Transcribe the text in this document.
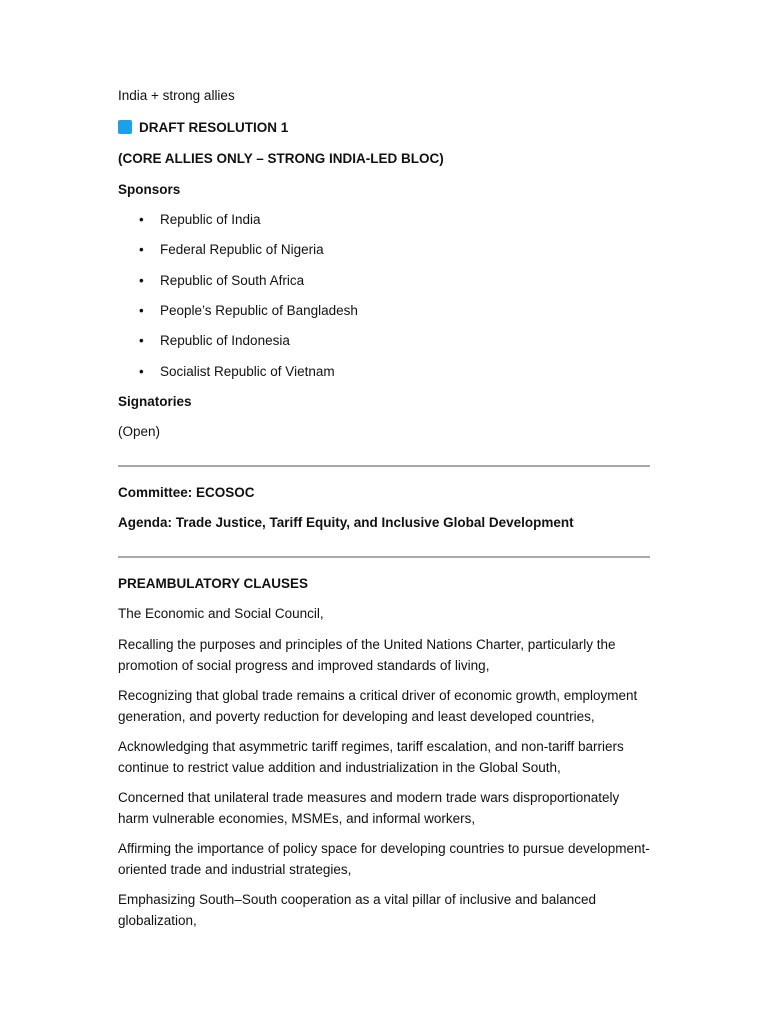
India + strong allies
DRAFT RESOLUTION 1
(CORE ALLIES ONLY – STRONG INDIA-LED BLOC)
Sponsors
• Republic of India
• Federal Republic of Nigeria
• Republic of South Africa
• People’s Republic of Bangladesh
• Republic of Indonesia
• Socialist Republic of Vietnam
Signatories
(Open)
Committee: ECOSOC
Agenda: Trade Justice, Tariff Equity, and Inclusive Global Development
PREAMBULATORY CLAUSES
The Economic and Social Council,
Recalling the purposes and principles of the United Nations Charter, particularly the promotion of social progress and improved standards of living,
Recognizing that global trade remains a critical driver of economic growth, employment generation, and poverty reduction for developing and least developed countries,
Acknowledging that asymmetric tariff regimes, tariff escalation, and non-tariff barriers continue to restrict value addition and industrialization in the Global South,
Concerned that unilateral trade measures and modern trade wars disproportionately harm vulnerable economies, MSMEs, and informal workers,
Affirming the importance of policy space for developing countries to pursue development-oriented trade and industrial strategies,
Emphasizing South–South cooperation as a vital pillar of inclusive and balanced globalization,
